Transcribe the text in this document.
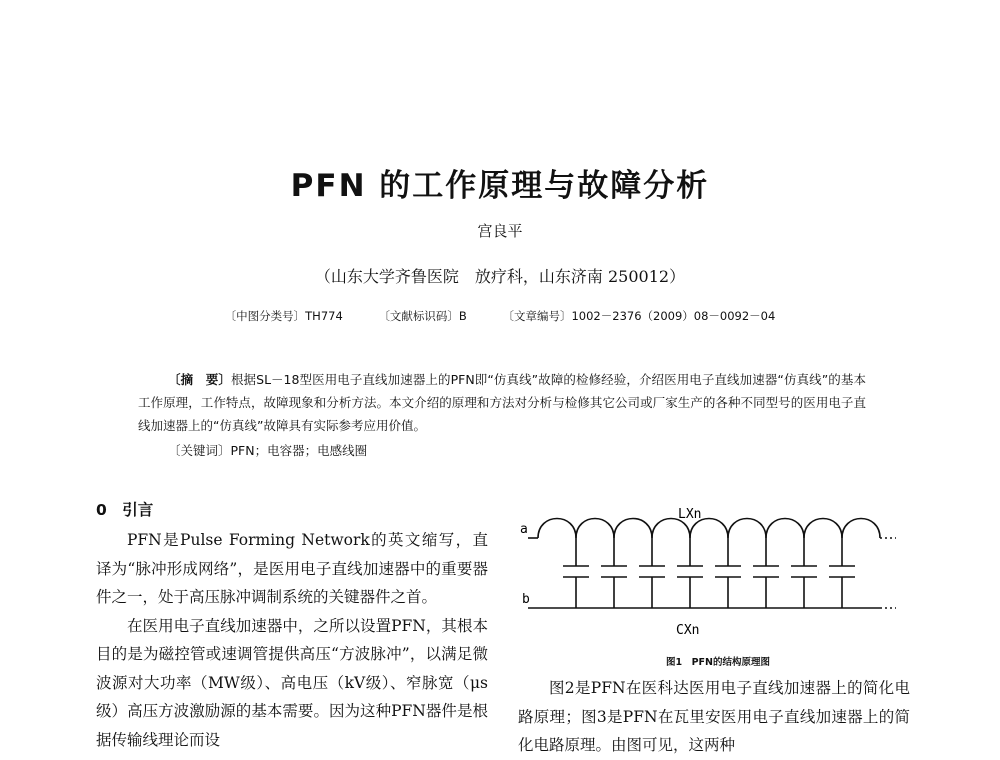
PFN 的工作原理与故障分析
宫良平
（山东大学齐鲁医院　放疗科，山东济南 250012）
〔中图分类号〕TH774	〔文献标识码〕B	〔文章编号〕1002－2376（2009）08－0092－04
〔摘　要〕根据SL－18型医用电子直线加速器上的PFN即“仿真线”故障的检修经验，介绍医用电子直线加速器“仿真线”的基本工作原理，工作特点，故障现象和分析方法。本文介绍的原理和方法对分析与检修其它公司或厂家生产的各种不同型号的医用电子直线加速器上的“仿真线”故障具有实际参考应用价值。
〔关键词〕PFN；电容器；电感线圈
0　引言

PFN是Pulse Forming Network的英文缩写，直译为“脉冲形成网络”，是医用电子直线加速器中的重要器件之一，处于高压脉冲调制系统的关键器件之首。

在医用电子直线加速器中，之所以设置PFN，其根本目的是为磁控管或速调管提供高压“方波脉冲”，以满足微波源对大功率（MW级）、高电压（kV级）、窄脉宽（μs级）高压方波激励源的基本需要。因为这种PFN器件是根据传输线理论而设

LXn
a
b
CXn
图1　PFN的结构原理图

图2是PFN在医科达医用电子直线加速器上的简化电路原理；图3是PFN在瓦里安医用电子直线加速器上的简化电路原理。由图可见，这两种
